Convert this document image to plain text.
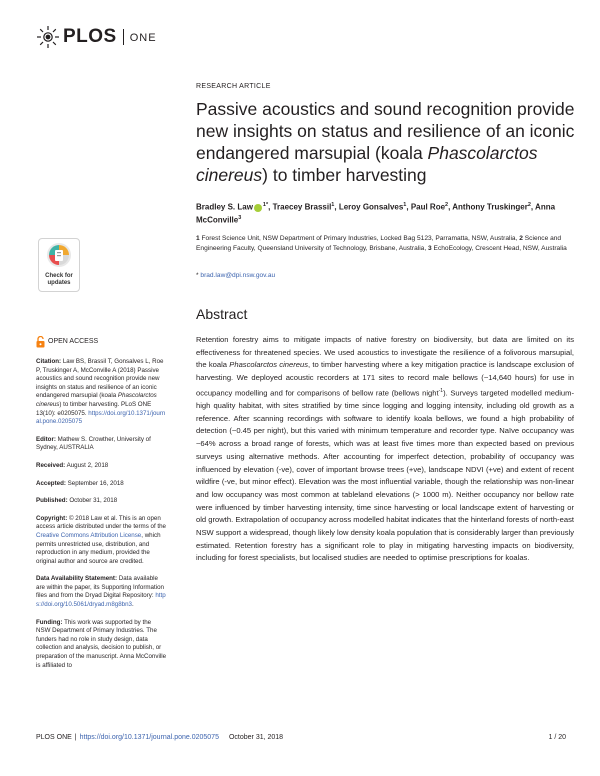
PLOS ONE
RESEARCH ARTICLE
Passive acoustics and sound recognition provide new insights on status and resilience of an iconic endangered marsupial (koala Phascolarctos cinereus) to timber harvesting
Bradley S. Law $^{1*}$, Traecey Brassil$^1$, Leroy Gonsalves$^1$, Paul Roe$^2$, Anthony Truskinger$^2$, Anna McConville$^3$
1 Forest Science Unit, NSW Department of Primary Industries, Locked Bag 5123, Parramatta, NSW, Australia, 2 Science and Engineering Faculty, Queensland University of Technology, Brisbane, Australia, 3 EchoEcology, Crescent Head, NSW, Australia
* brad.law@dpi.nsw.gov.au
Abstract

Retention forestry aims to mitigate impacts of native forestry on biodiversity, but data are limited on its effectiveness for threatened species. We used acoustics to investigate the resilience of a folivorous marsupial, the koala Phascolarctos cinereus, to timber harvesting where a key mitigation practice is landscape exclusion of harvesting. We deployed acoustic recorders at 171 sites to record male bellows (~14,640 hours) for use in occupancy modelling and for comparisons of bellow rate (bellows night$^{-1}$). Surveys targeted modelled medium-high quality habitat, with sites stratified by time since logging and logging intensity, including old growth as a reference. After scanning recordings with software to identify koala bellows, we found a high probability of detection (~0.45 per night), but this varied with minimum temperature and recorder type. Naïve occupancy was ~64% across a broad range of forests, which was at least five times more than expected based on previous surveys using alternative methods. After accounting for imperfect detection, probability of occupancy was influenced by elevation (-ve), cover of important browse trees (+ve), landscape NDVI (+ve) and extent of recent wildfire (-ve, but minor effect). Elevation was the most influential variable, though the relationship was non-linear and low occupancy was most common at tableland elevations (> 1000 m). Neither occupancy nor bellow rate were influenced by timber harvesting intensity, time since harvesting or local landscape extent of harvesting or old growth. Extrapolation of occupancy across modelled habitat indicates that the hinterland forests of north-east NSW support a widespread, though likely low density koala population that is considerably larger than previously estimated. Retention forestry has a significant role to play in mitigating harvesting impacts on biodiversity, including for forest specialists, but localised studies are needed to optimise prescriptions for koalas.

Check for
updates
OPEN ACCESS
Citation: Law BS, Brassil T, Gonsalves L, Roe P, Truskinger A, McConville A (2018) Passive acoustics and sound recognition provide new insights on status and resilience of an iconic endangered marsupial (koala Phascolarctos cinereus) to timber harvesting. PLoS ONE 13(10): e0205075. https://doi.org/10.1371/journal.pone.0205075
Editor: Mathew S. Crowther, University of Sydney, AUSTRALIA
Received: August 2, 2018
Accepted: September 16, 2018
Published: October 31, 2018
Copyright: © 2018 Law et al. This is an open access article distributed under the terms of the Creative Commons Attribution License, which permits unrestricted use, distribution, and reproduction in any medium, provided the original author and source are credited.
Data Availability Statement: Data available are within the paper, its Supporting Information files and from the Dryad Digital Repository: https://doi.org/10.5061/dryad.m8g8bn3.
Funding: This work was supported by the NSW Department of Primary Industries. The funders had no role in study design, data collection and analysis, decision to publish, or preparation of the manuscript. Anna McConville is affiliated to
PLOS ONE | https://doi.org/10.1371/journal.pone.0205075 October 31, 2018	1 / 20
